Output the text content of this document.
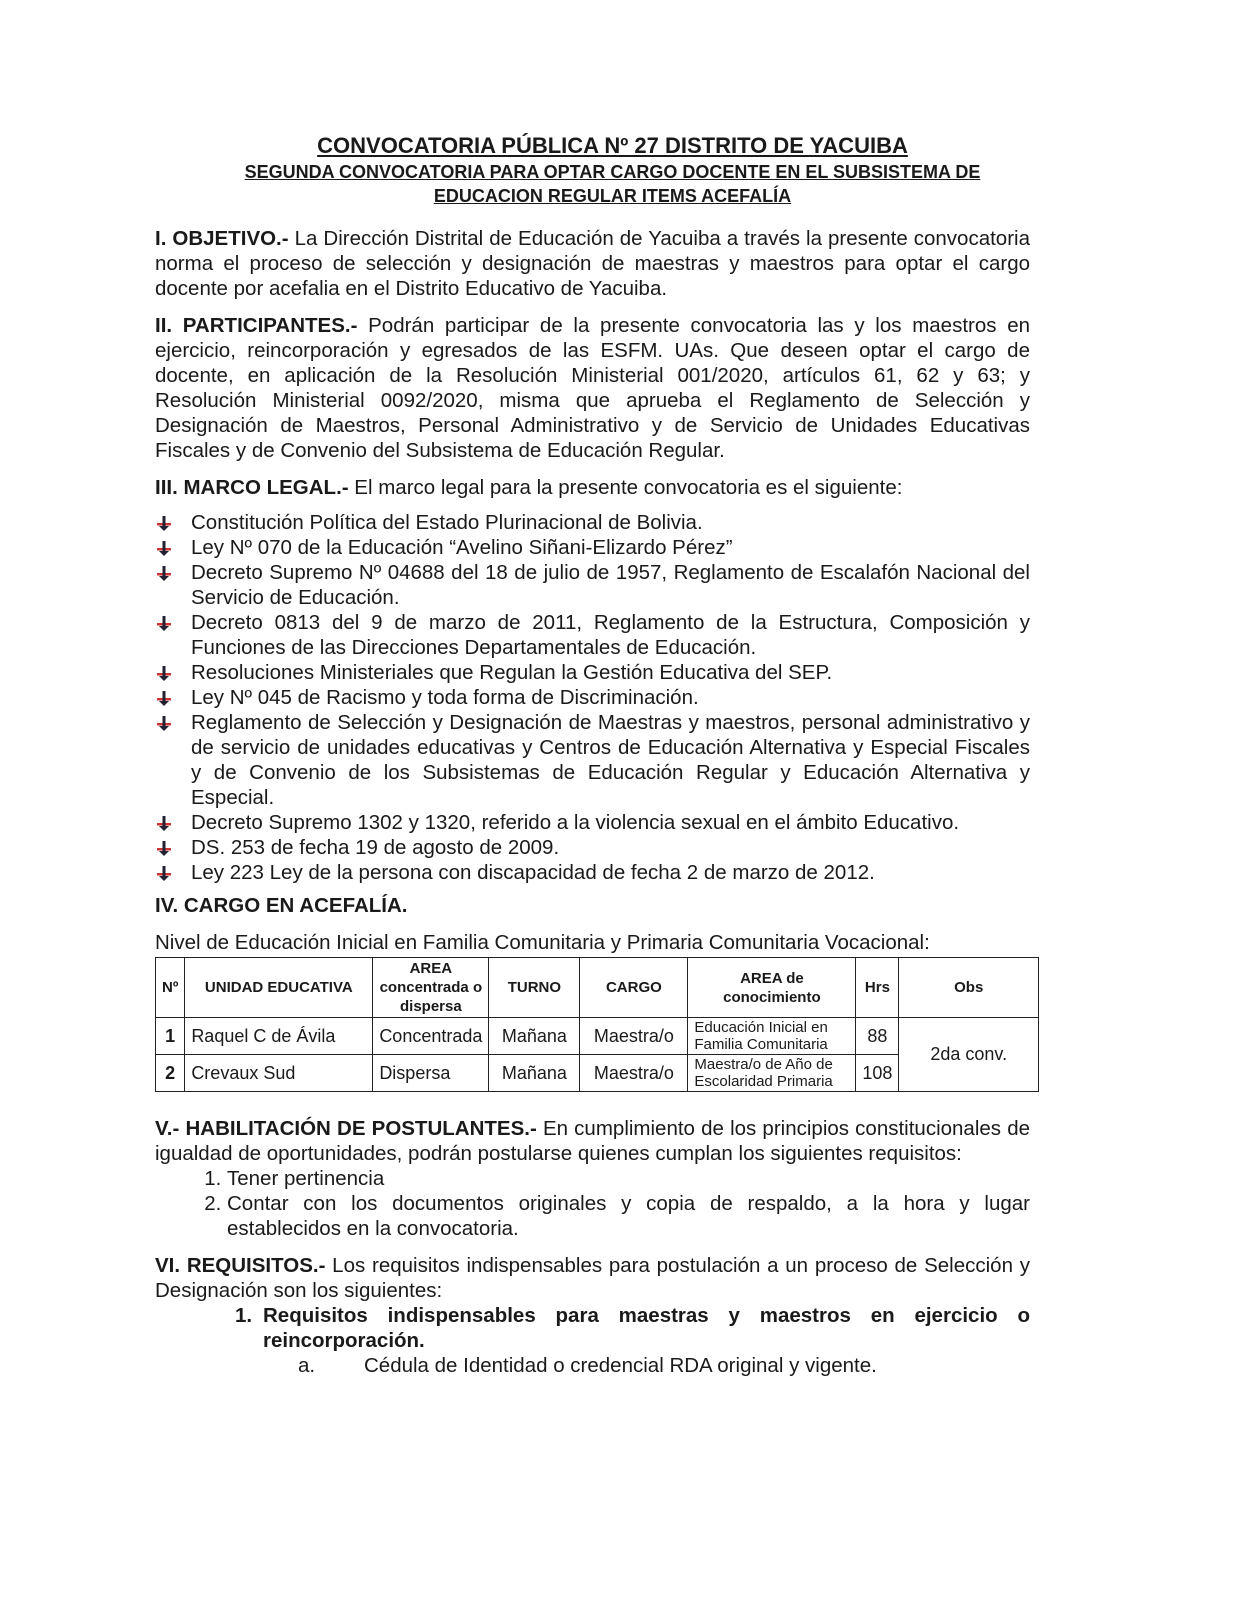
CONVOCATORIA PÚBLICA Nº 27 DISTRITO DE YACUIBA
SEGUNDA CONVOCATORIA PARA OPTAR CARGO DOCENTE EN EL SUBSISTEMA DE
EDUCACION REGULAR ITEMS ACEFALÍA

I. OBJETIVO.- La Dirección Distrital de Educación de Yacuiba a través la presente convocatoria norma el proceso de selección y designación de maestras y maestros para optar el cargo docente por acefalia en el Distrito Educativo de Yacuiba.

II. PARTICIPANTES.- Podrán participar de la presente convocatoria las y los maestros en ejercicio, reincorporación y egresados de las ESFM. UAs. Que deseen optar el cargo de docente, en aplicación de la Resolución Ministerial 001/2020, artículos 61, 62 y 63; y Resolución Ministerial 0092/2020, misma que aprueba el Reglamento de Selección y Designación de Maestros, Personal Administrativo y de Servicio de Unidades Educativas Fiscales y de Convenio del Subsistema de Educación Regular.

III. MARCO LEGAL.- El marco legal para la presente convocatoria es el siguiente:

Constitución Política del Estado Plurinacional de Bolivia.
Ley Nº 070 de la Educación “Avelino Siñani-Elizardo Pérez”
Decreto Supremo Nº 04688 del 18 de julio de 1957, Reglamento de Escalafón Nacional del Servicio de Educación.
Decreto 0813 del 9 de marzo de 2011, Reglamento de la Estructura, Composición y Funciones de las Direcciones Departamentales de Educación.
Resoluciones Ministeriales que Regulan la Gestión Educativa del SEP.
Ley Nº 045 de Racismo y toda forma de Discriminación.
Reglamento de Selección y Designación de Maestras y maestros, personal administrativo y de servicio de unidades educativas y Centros de Educación Alternativa y Especial Fiscales y de Convenio de los Subsistemas de Educación Regular y Educación Alternativa y Especial.
Decreto Supremo 1302 y 1320, referido a la violencia sexual en el ámbito Educativo.
DS. 253 de fecha 19 de agosto de 2009.
Ley 223 Ley de la persona con discapacidad de fecha 2 de marzo de 2012.

IV. CARGO EN ACEFALÍA.

Nivel de Educación Inicial en Familia Comunitaria y Primaria Comunitaria Vocacional:

Nº	UNIDAD EDUCATIVA	AREA concentrada o dispersa	TURNO	CARGO	AREA de conocimiento	Hrs	Obs
1	Raquel C de Ávila	Concentrada	Mañana	Maestra/o	Educación Inicial en Familia Comunitaria	88	2da conv.
2	Crevaux Sud	Dispersa	Mañana	Maestra/o	Maestra/o de Año de Escolaridad Primaria	108	

V.- HABILITACIÓN DE POSTULANTES.- En cumplimiento de los principios constitucionales de igualdad de oportunidades, podrán postularse quienes cumplan los siguientes requisitos:

1. Tener pertinencia
2. Contar con los documentos originales y copia de respaldo, a la hora y lugar establecidos en la convocatoria.

VI. REQUISITOS.- Los requisitos indispensables para postulación a un proceso de Selección y Designación son los siguientes:

1. Requisitos indispensables para maestras y maestros en ejercicio o reincorporación.

a. Cédula de Identidad o credencial RDA original y vigente.
